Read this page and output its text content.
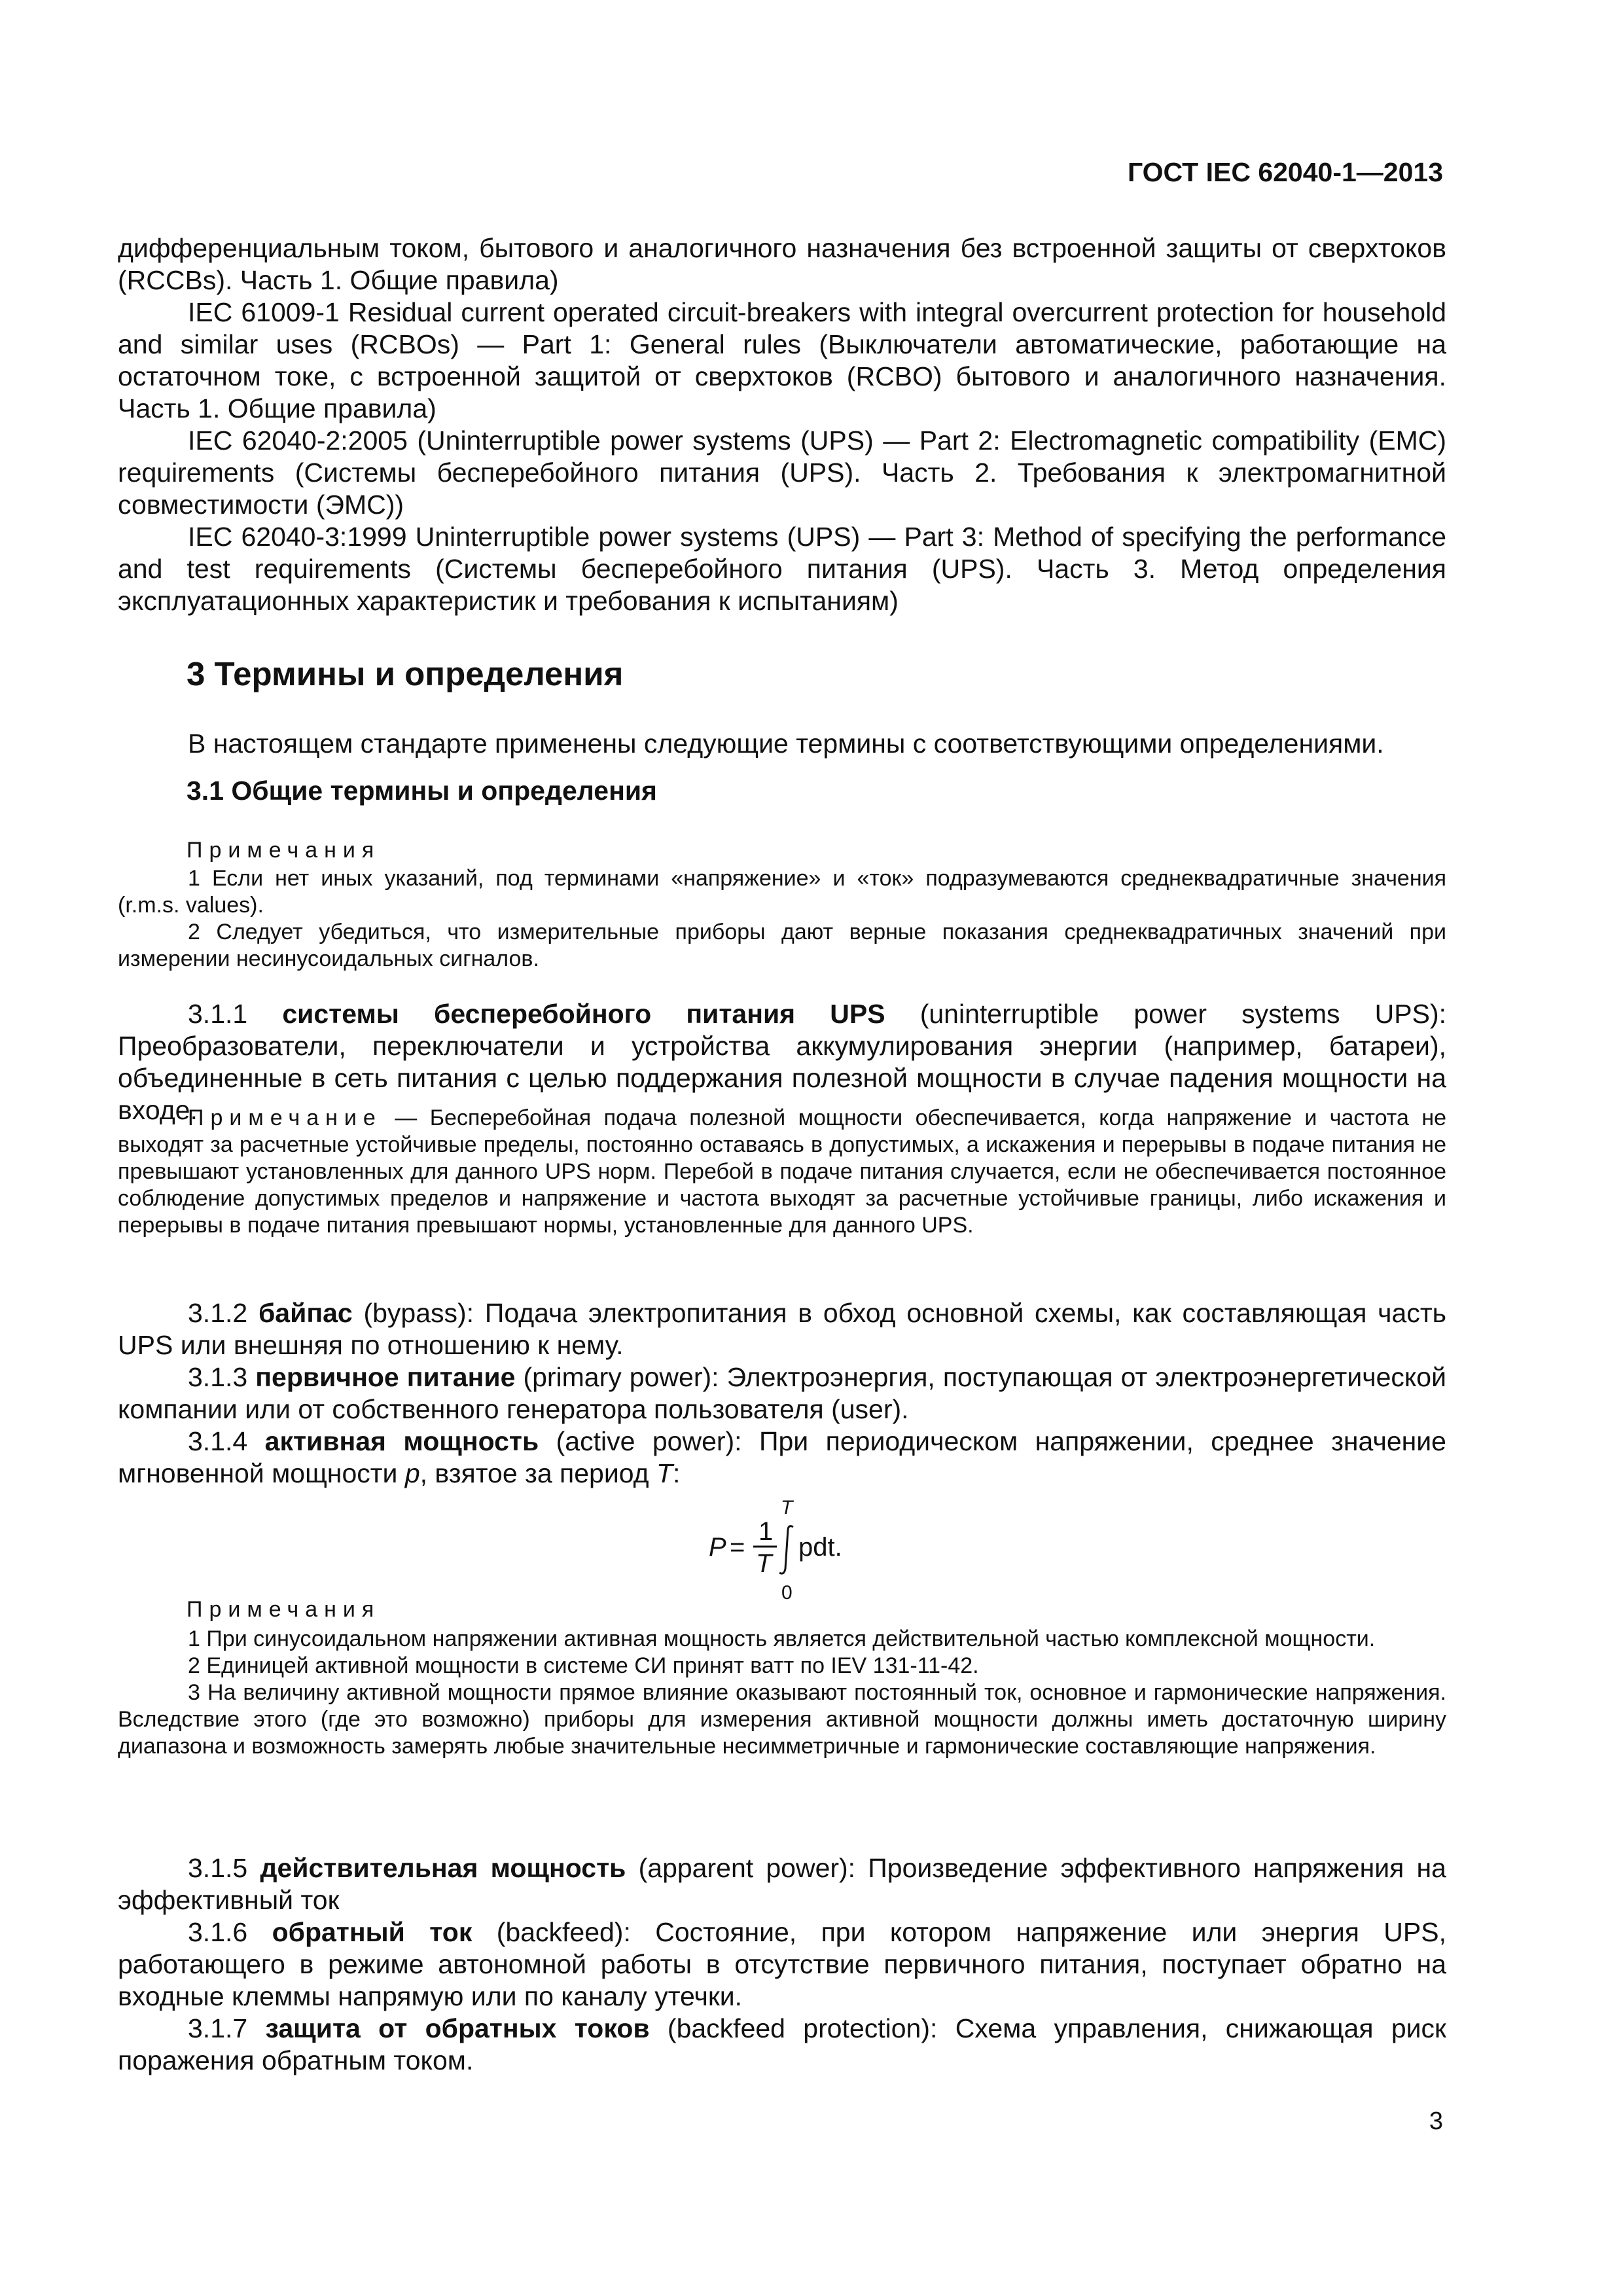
ГОСТ IEC 62040-1—2013

дифференциальным током, бытового и аналогичного назначения без встроенной защиты от сверхтоков (RCCBs). Часть 1. Общие правила)

IEC 61009-1 Residual current operated circuit-breakers with integral overcurrent protection for household and similar uses (RCBOs) — Part 1: General rules (Выключатели автоматические, работающие на остаточном токе, с встроенной защитой от сверхтоков (RCBO) бытового и аналогичного назначения. Часть 1. Общие правила)

IEC 62040-2:2005 (Uninterruptible power systems (UPS) — Part 2: Electromagnetic compatibility (EMC) requirements (Системы бесперебойного питания (UPS). Часть 2. Требования к электромагнитной совместимости (ЭМС))

IEC 62040-3:1999 Uninterruptible power systems (UPS) — Part 3: Method of specifying the performance and test requirements (Системы бесперебойного питания (UPS). Часть 3. Метод определения эксплуатационных характеристик и требования к испытаниям)

3 Термины и определения

В настоящем стандарте применены следующие термины с соответствующими определениями.

3.1 Общие термины и определения
Примечания

1 Если нет иных указаний, под терминами «напряжение» и «ток» подразумеваются среднеквадратичные значения (r.m.s. values).

2 Следует убедиться, что измерительные приборы дают верные показания среднеквадратичных значений при измерении несинусоидальных сигналов.

3.1.1 системы бесперебойного питания UPS (uninterruptible power systems UPS): Преобразователи, переключатели и устройства аккумулирования энергии (например, батареи), объединенные в сеть питания с целью поддержания полезной мощности в случае падения мощности на входе.

Примечание — Бесперебойная подача полезной мощности обеспечивается, когда напряжение и частота не выходят за расчетные устойчивые пределы, постоянно оставаясь в допустимых, а искажения и перерывы в подаче питания не превышают установленных для данного UPS норм. Перебой в подаче питания случается, если не обеспечивается постоянное соблюдение допустимых пределов и напряжение и частота выходят за расчетные устойчивые границы, либо искажения и перерывы в подаче питания превышают нормы, установленные для данного UPS.

3.1.2 байпас (bypass): Подача электропитания в обход основной схемы, как составляющая часть UPS или внешняя по отношению к нему.

3.1.3 первичное питание (primary power): Электроэнергия, поступающая от электроэнергетической компании или от собственного генератора пользователя (user).

3.1.4 активная мощность (active power): При периодическом напряжении, среднее значение мгновенной мощности p, взятое за период T:

P =
1
T
T
0
pdt.
Примечания

1 При синусоидальном напряжении активная мощность является действительной частью комплексной мощности.

2 Единицей активной мощности в системе СИ принят ватт по IEV 131-11-42.

3 На величину активной мощности прямое влияние оказывают постоянный ток, основное и гармонические напряжения. Вследствие этого (где это возможно) приборы для измерения активной мощности должны иметь достаточную ширину диапазона и возможность замерять любые значительные несимметричные и гармонические составляющие напряжения.

3.1.5 действительная мощность (apparent power): Произведение эффективного напряжения на эффективный ток

3.1.6 обратный ток (backfeed): Состояние, при котором напряжение или энергия UPS, работающего в режиме автономной работы в отсутствие первичного питания, поступает обратно на входные клеммы напрямую или по каналу утечки.

3.1.7 защита от обратных токов (backfeed protection): Схема управления, снижающая риск поражения обратным током.

3
